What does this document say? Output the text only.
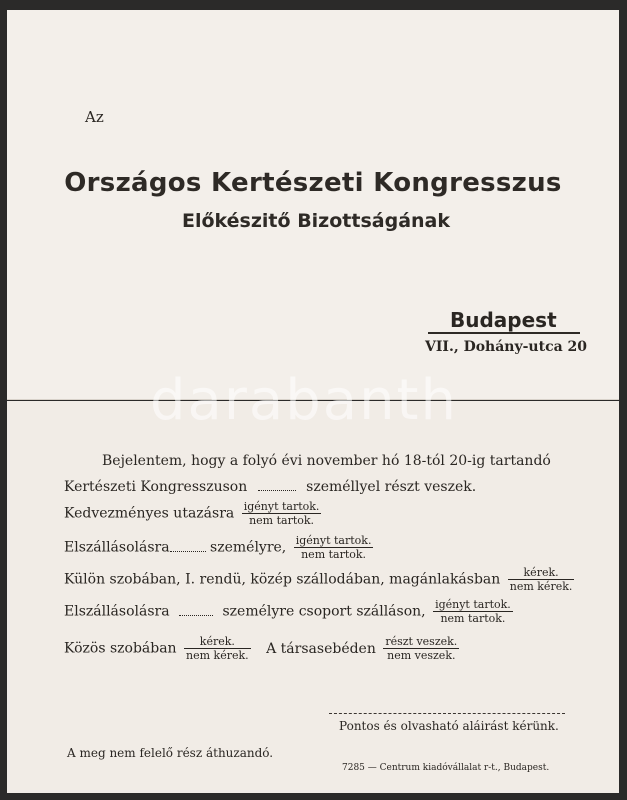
Az
Országos Kertészeti Kongresszus
Előkészitő Bizottságának
Budapest
VII., Dohány-utca 20
Bejelentem, hogy a folyó évi november hó 18-tól 20-ig tartandó
Kertészeti Kongresszuson	személlyel részt veszek.
Kedvezményes utazásra $\frac{\text{igényt tartok.}}{\text{nem tartok.}}$
Elszállásolásra	személyre, $\frac{\text{igényt tartok.}}{\text{nem tartok.}}$
Külön szobában, I. rendü, közép szállodában, magánlakásban $\frac{\text{kérek.}}{\text{nem kérek.}}$
Elszállásolásra	személyre csoport szálláson, $\frac{\text{igényt tartok.}}{\text{nem tartok.}}$
Közös szobában $\frac{\text{kérek.}}{\text{nem kérek.}}$ A társasebéden $\frac{\text{részt veszek.}}{\text{nem veszek.}}$
Pontos és olvasható aláirást kérünk.
A meg nem felelő rész áthuzandó.
7285 — Centrum kiadóvállalat r-t., Budapest.
darabanth
